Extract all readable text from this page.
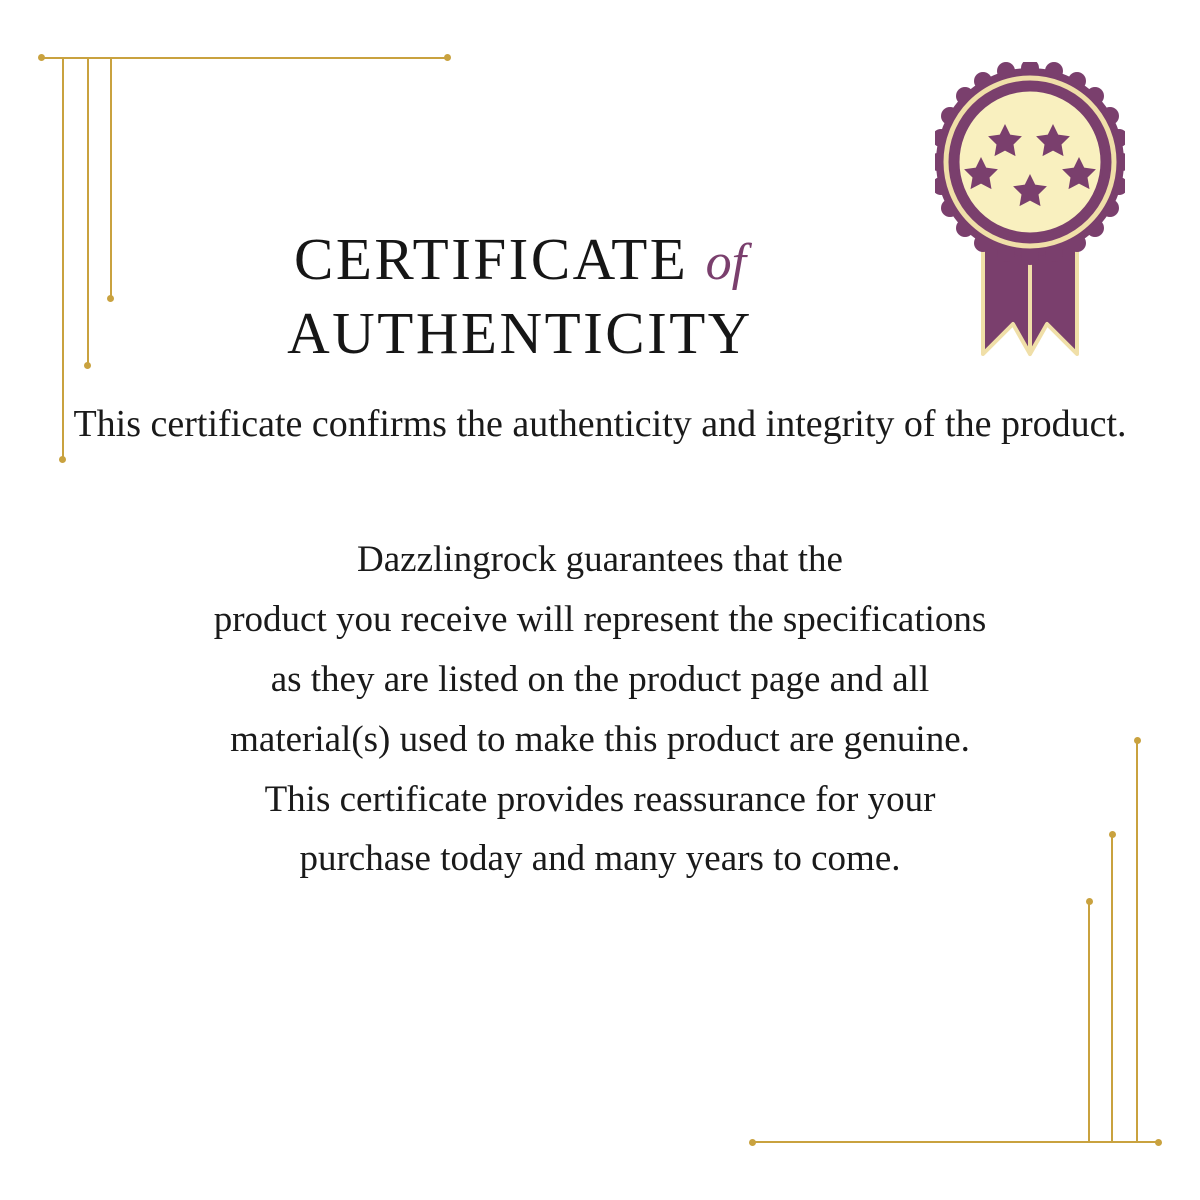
CERTIFICATE of
AUTHENTICITY

This certificate confirms the authenticity and integrity of the product.

Dazzlingrock guarantees that the
product you receive will represent the specifications
as they are listed on the product page and all
material(s) used to make this product are genuine.
This certificate provides reassurance for your
purchase today and many years to come.
